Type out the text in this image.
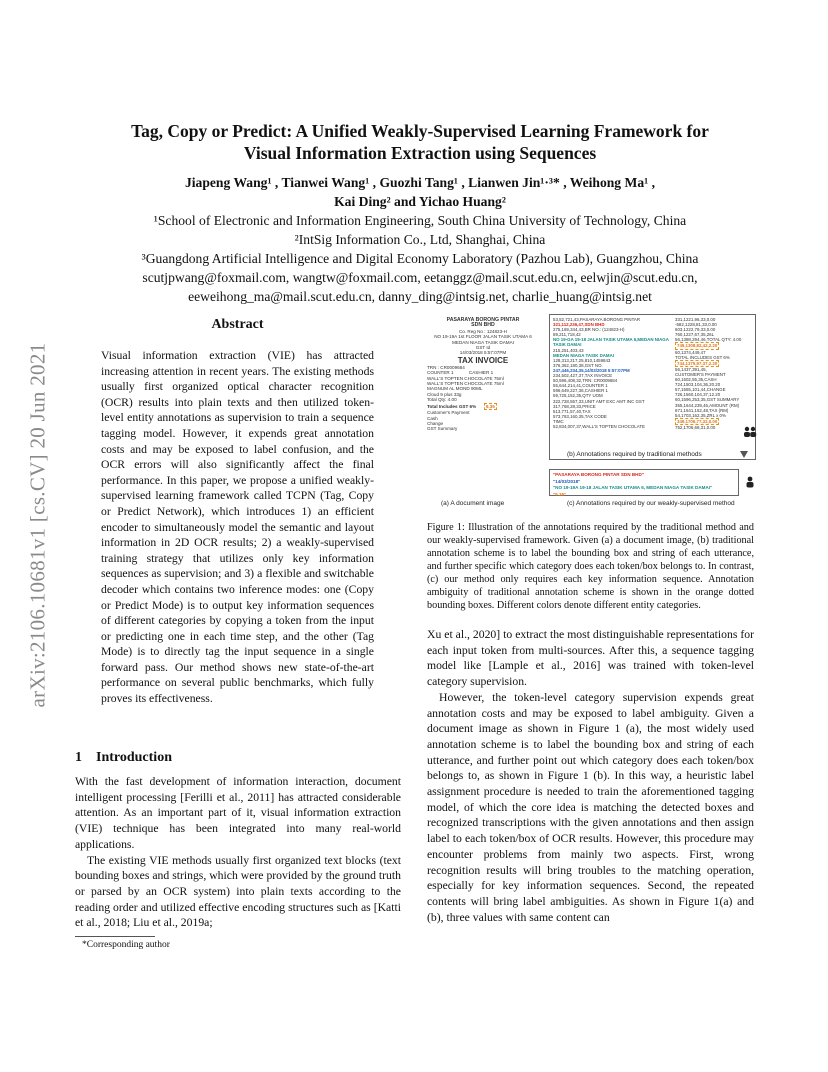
arXiv:2106.10681v1 [cs.CV] 20 Jun 2021
Tag, Copy or Predict: A Unified Weakly-Supervised Learning Framework for
Visual Information Extraction using Sequences
Jiapeng Wang¹ , Tianwei Wang¹ , Guozhi Tang¹ , Lianwen Jin¹·³* , Weihong Ma¹ ,
Kai Ding² and Yichao Huang²
¹School of Electronic and Information Engineering, South China University of Technology, China
²IntSig Information Co., Ltd, Shanghai, China
³Guangdong Artificial Intelligence and Digital Economy Laboratory (Pazhou Lab), Guangzhou, China
scutjpwang@foxmail.com, wangtw@foxmail.com, eetanggz@mail.scut.edu.cn, eelwjin@scut.edu.cn,
eeweihong_ma@mail.scut.edu.cn, danny_ding@intsig.net, charlie_huang@intsig.net
Abstract
Visual information extraction (VIE) has attracted increasing attention in recent years. The existing methods usually first organized optical character recognition (OCR) results into plain texts and then utilized token-level entity annotations as supervision to train a sequence tagging model. However, it expends great annotation costs and may be exposed to label confusion, and the OCR errors will also significantly affect the final performance. In this paper, we propose a unified weakly-supervised learning framework called TCPN (Tag, Copy or Predict Network), which introduces 1) an efficient encoder to simultaneously model the semantic and layout information in 2D OCR results; 2) a weakly-supervised training strategy that utilizes only key information sequences as supervision; and 3) a flexible and switchable decoder which contains two inference modes: one (Copy or Predict Mode) is to output key information sequences of different categories by copying a token from the input or predicting one in each time step, and the other (Tag Mode) is to directly tag the input sequence in a single forward pass. Our method shows new state-of-the-art performance on several public benchmarks, which fully proves its effectiveness.
1 Introduction

With the fast development of information interaction, document intelligent processing [Ferilli et al., 2011] has attracted considerable attention. As an important part of it, visual information extraction (VIE) technique has been integrated into many real-world applications.

The existing VIE methods usually first organized text blocks (text bounding boxes and strings, which were provided by the ground truth or parsed by an OCR system) into plain texts according to the reading order and utilized effective encoding structures such as [Katti et al., 2018; Liu et al., 2019a;

*Corresponding author
PASARAYA BORONG PINTAR
SDN BHD
Co. Reg No : 124823-H
NO 19-19A 1st FLOOR JALAN TASIK UTAMA 6
MEDAN NIAGA TASIK DAMAI
GST Id
14/03/2018 5:57:07PM
TAX INVOICE
TRN : CR0009684
COUNTER 1	CASHIER 1
WALL'S TOPTEN CHOCOLATE 75ml
WALL'S TOPTEN CHOCOLATE 75ml
MAGNUM AL MOND 90ML
Cloud 9 plus 33g
Total Qty: 4.00
Total Includes GST 6% 9.35
Customer's Payment
Cash
Change
GST Summary
(a) A document image
53,52,721,43,PASARAYA BORONG PINTAR
321,112,236,47,SDN BHD
275,169,344,43,BR NO.: (124823-H)
89,211,718,42
NO 19-GA 19-18 JALAN TASIK UTAMA 6,MEDAN NIAGA TASIK DAMAI
215,251,403,43
MEDAN NIAGA TASIK DAMAI
128,313,217,25,810,1459843
376,362,180,38,GST NO.
247,446,234,35,14/03/2018 5:57:07PM
234,502,427,37,TAX INVOICE
50,596,408,32,TRN: CR0009684
55,644,214,41,COUNTER 1
596,649,227,36,CASHIER 1
59,725,152,35,QTY UOM
322,728,557,33,UNIT AMT EXC AMT INC GST
317,768,28,33,PRICE
513,771,57,40,TAX
573,763,160,35,TAX CODE
TIMC
52,834,007,37,WALL'S TOPTEN CHOCOLATE
331,1221,96,33,0.00
-582,1228,81,33,0.00
603,1222,79,33,0.00
760,1227,67,35,26L
56,1388,294,46,TOTAL QTY: 4.00
749,1308,82,42,2.20
60,1374,449,47
TOTAL INCLUDES GST 6%
744,1375,97,37,2.20
56,1437,391,45,
CUSTOMER'S PAYMENT
60,1502,55,35,CASH
724,1503,104,36,20.20
57,1555,101,44,CHANGE
726,1560,104,37,12.20
60,1596,253,35,GST SUMMARY
355,1644,239,46,AMOUNT (RM)
671,1641,152,48,TAX (RM)
54,1703,162,35,ZRL x 0%
349,1706,77,32,0.00
752,1706,68,31,0.00
(b) Annotations required by traditional methods
"PASARAYA BORONG PINTAR SDN BHD"
"14/03/2018"
"NO 19-19A 19-18 JALAN TASIK UTAMA 6, MEDAN NIAGA TASIK DAMAI"
"9.35"
(c) Annotations required by our weakly-supervised method
Figure 1: Illustration of the annotations required by the traditional method and our weakly-supervised framework. Given (a) a document image, (b) traditional annotation scheme is to label the bounding box and string of each utterance, and further specific which category does each token/box belongs to. In contrast, (c) our method only requires each key information sequence. Annotation ambiguity of traditional annotation scheme is shown in the orange dotted bounding boxes. Different colors denote different entity categories.

Xu et al., 2020] to extract the most distinguishable representations for each input token from multi-sources. After this, a sequence tagging model like [Lample et al., 2016] was trained with token-level category supervision.

However, the token-level category supervision expends great annotation costs and may be exposed to label ambiguity. Given a document image as shown in Figure 1 (a), the most widely used annotation scheme is to label the bounding box and string of each utterance, and further point out which category does each token/box belongs to, as shown in Figure 1 (b). In this way, a heuristic label assignment procedure is needed to train the aforementioned tagging model, of which the core idea is matching the detected boxes and recognized transcriptions with the given annotations and then assign label to each token/box of OCR results. However, this procedure may encounter problems from mainly two aspects. First, wrong recognition results will bring troubles to the matching operation, especially for key information sequences. Second, the repeated contents will bring label ambiguities. As shown in Figure 1(a) and (b), three values with same content can
